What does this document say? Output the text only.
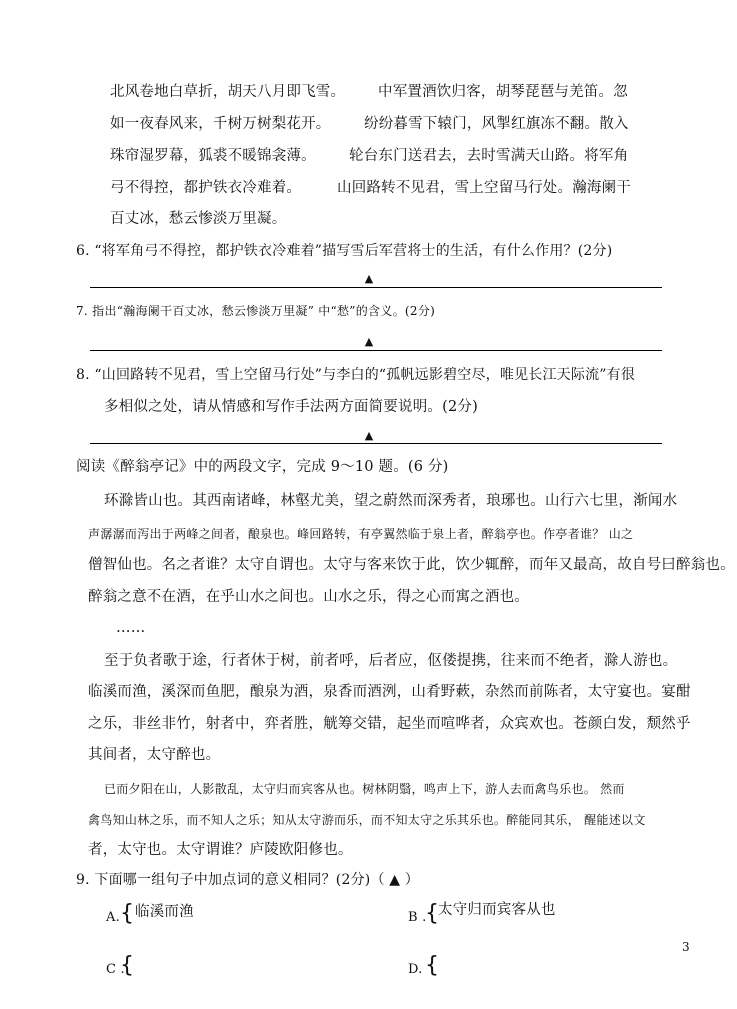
北风卷地白草折，胡天八月即飞雪。 中军置酒饮归客，胡琴琵琶与羌笛。忽
如一夜春风来，千树万树梨花开。 纷纷暮雪下辕门，风掣红旗冻不翻。散入
珠帘湿罗幕，狐裘不暖锦衾薄。 轮台东门送君去，去时雪满天山路。将军角
弓不得控，都护铁衣冷难着。 山回路转不见君，雪上空留马行处。瀚海阑干
百丈冰，愁云惨淡万里凝。
6. “将军角弓不得控，都护铁衣冷难着”描写雪后军营将士的生活，有什么作用？(2分)
▲
7. 指出“瀚海阑干百丈冰，愁云惨淡万里凝” 中“愁”的含义。(2分)
▲
8. “山回路转不见君，雪上空留马行处”与李白的“孤帆远影碧空尽，唯见长江天际流”有很
多相似之处，请从情感和写作手法两方面简要说明。(2分)
▲
阅读《醉翁亭记》中的两段文字，完成 9～10 题。(6 分)
环滁皆山也。其西南诸峰，林壑尤美，望之蔚然而深秀者，琅琊也。山行六七里，渐闻水
声潺潺而泻出于两峰之间者，酿泉也。峰回路转，有亭翼然临于泉上者，醉翁亭也。作亭者谁？ 山之
僧智仙也。名之者谁？太守自谓也。太守与客来饮于此，饮少辄醉，而年又最高，故自号曰醉翁也。
醉翁之意不在酒，在乎山水之间也。山水之乐，得之心而寓之酒也。
……
至于负者歌于途，行者休于树，前者呼，后者应，伛偻提携，往来而不绝者，滁人游也。
临溪而渔，溪深而鱼肥，酿泉为酒，泉香而酒洌，山肴野蔌，杂然而前陈者，太守宴也。宴酣
之乐，非丝非竹，射者中，弈者胜，觥筹交错，起坐而喧哗者，众宾欢也。苍颜白发，颓然乎
其间者，太守醉也。
已而夕阳在山，人影散乱，太守归而宾客从也。树林阴翳，鸣声上下，游人去而禽鸟乐也。 然而
禽鸟知山林之乐，而不知人之乐；知从太守游而乐，而不知太守之乐其乐也。醉能同其乐， 醒能述以文
者，太守也。太守谓谁？庐陵欧阳修也。
9. 下面哪一组句子中加点词的意义相同？(2分)（ ▲ ）
A. { 临溪而渔	B .
{ 太守归而宾客从也
C .
{	D. {
3
